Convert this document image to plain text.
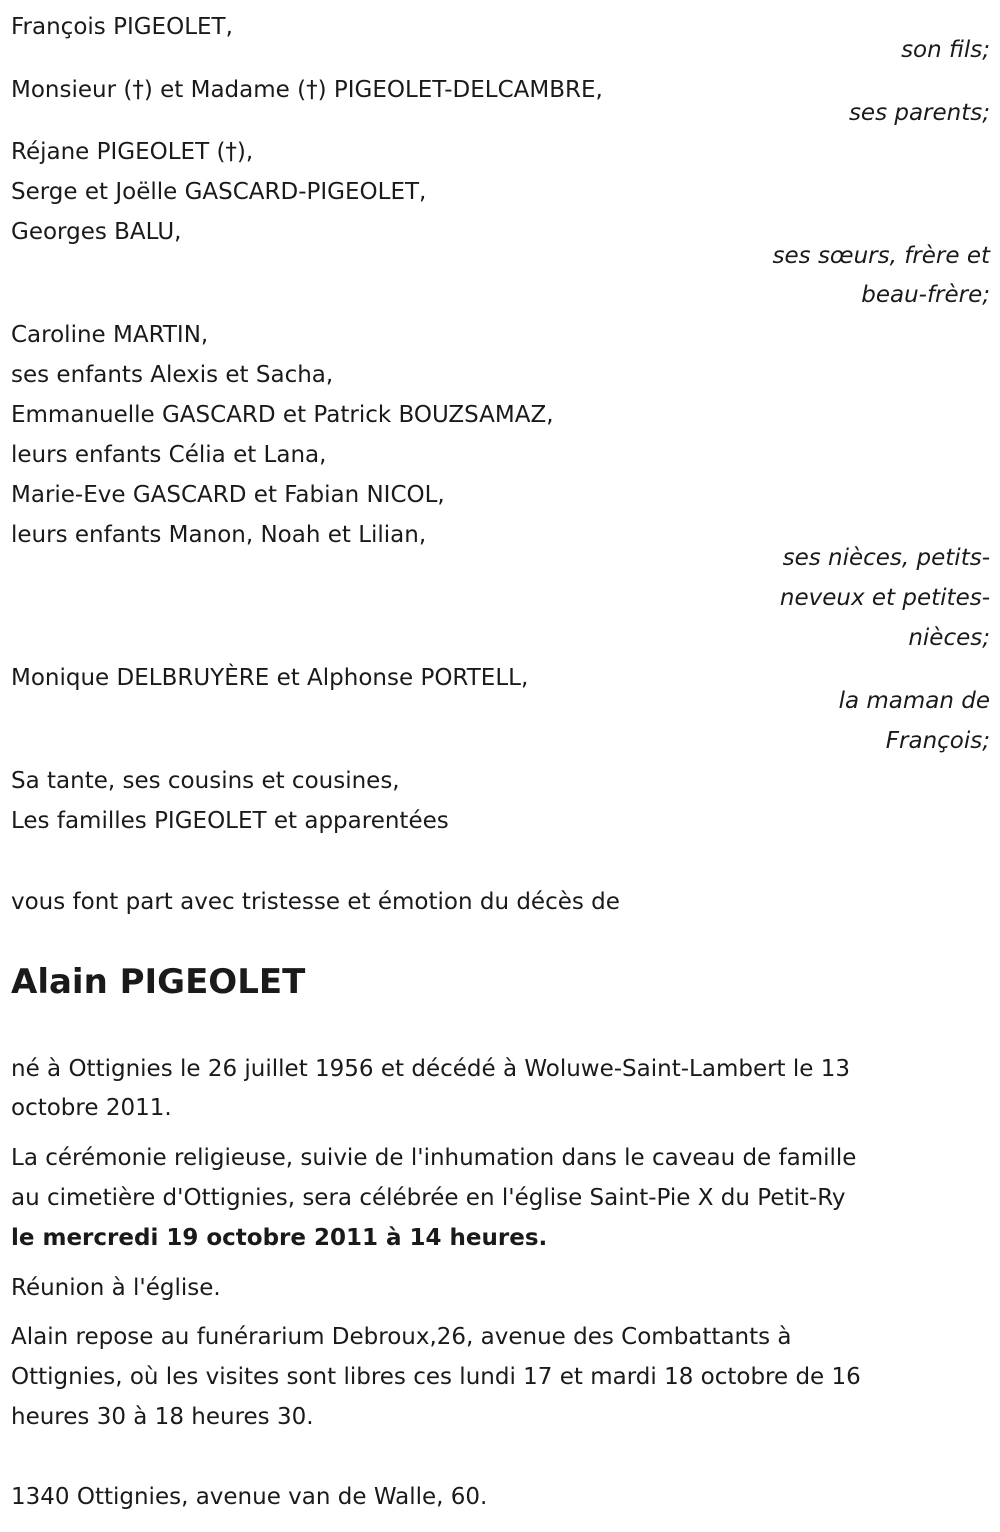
François PIGEOLET,
son fils;
Monsieur (†) et Madame (†) PIGEOLET-DELCAMBRE,
ses parents;
Réjane PIGEOLET (†),
Serge et Joëlle GASCARD-PIGEOLET,
Georges BALU,
ses sœurs, frère et
beau-frère;
Caroline MARTIN,
ses enfants Alexis et Sacha,
Emmanuelle GASCARD et Patrick BOUZSAMAZ,
leurs enfants Célia et Lana,
Marie-Eve GASCARD et Fabian NICOL,
leurs enfants Manon, Noah et Lilian,
ses nièces, petits-
neveux et petites-
nièces;
Monique DELBRUYÈRE et Alphonse PORTELL,
la maman de
François;
Sa tante, ses cousins et cousines,
Les familles PIGEOLET et apparentées
vous font part avec tristesse et émotion du décès de
Alain PIGEOLET
né à Ottignies le 26 juillet 1956 et décédé à Woluwe-Saint-Lambert le 13
octobre 2011.
La cérémonie religieuse, suivie de l'inhumation dans le caveau de famille
au cimetière d'Ottignies, sera célébrée en l'église Saint-Pie X du Petit-Ry
le mercredi 19 octobre 2011 à 14 heures.
Réunion à l'église.
Alain repose au funérarium Debroux,26, avenue des Combattants à
Ottignies, où les visites sont libres ces lundi 17 et mardi 18 octobre de 16
heures 30 à 18 heures 30.
1340 Ottignies, avenue van de Walle, 60.
